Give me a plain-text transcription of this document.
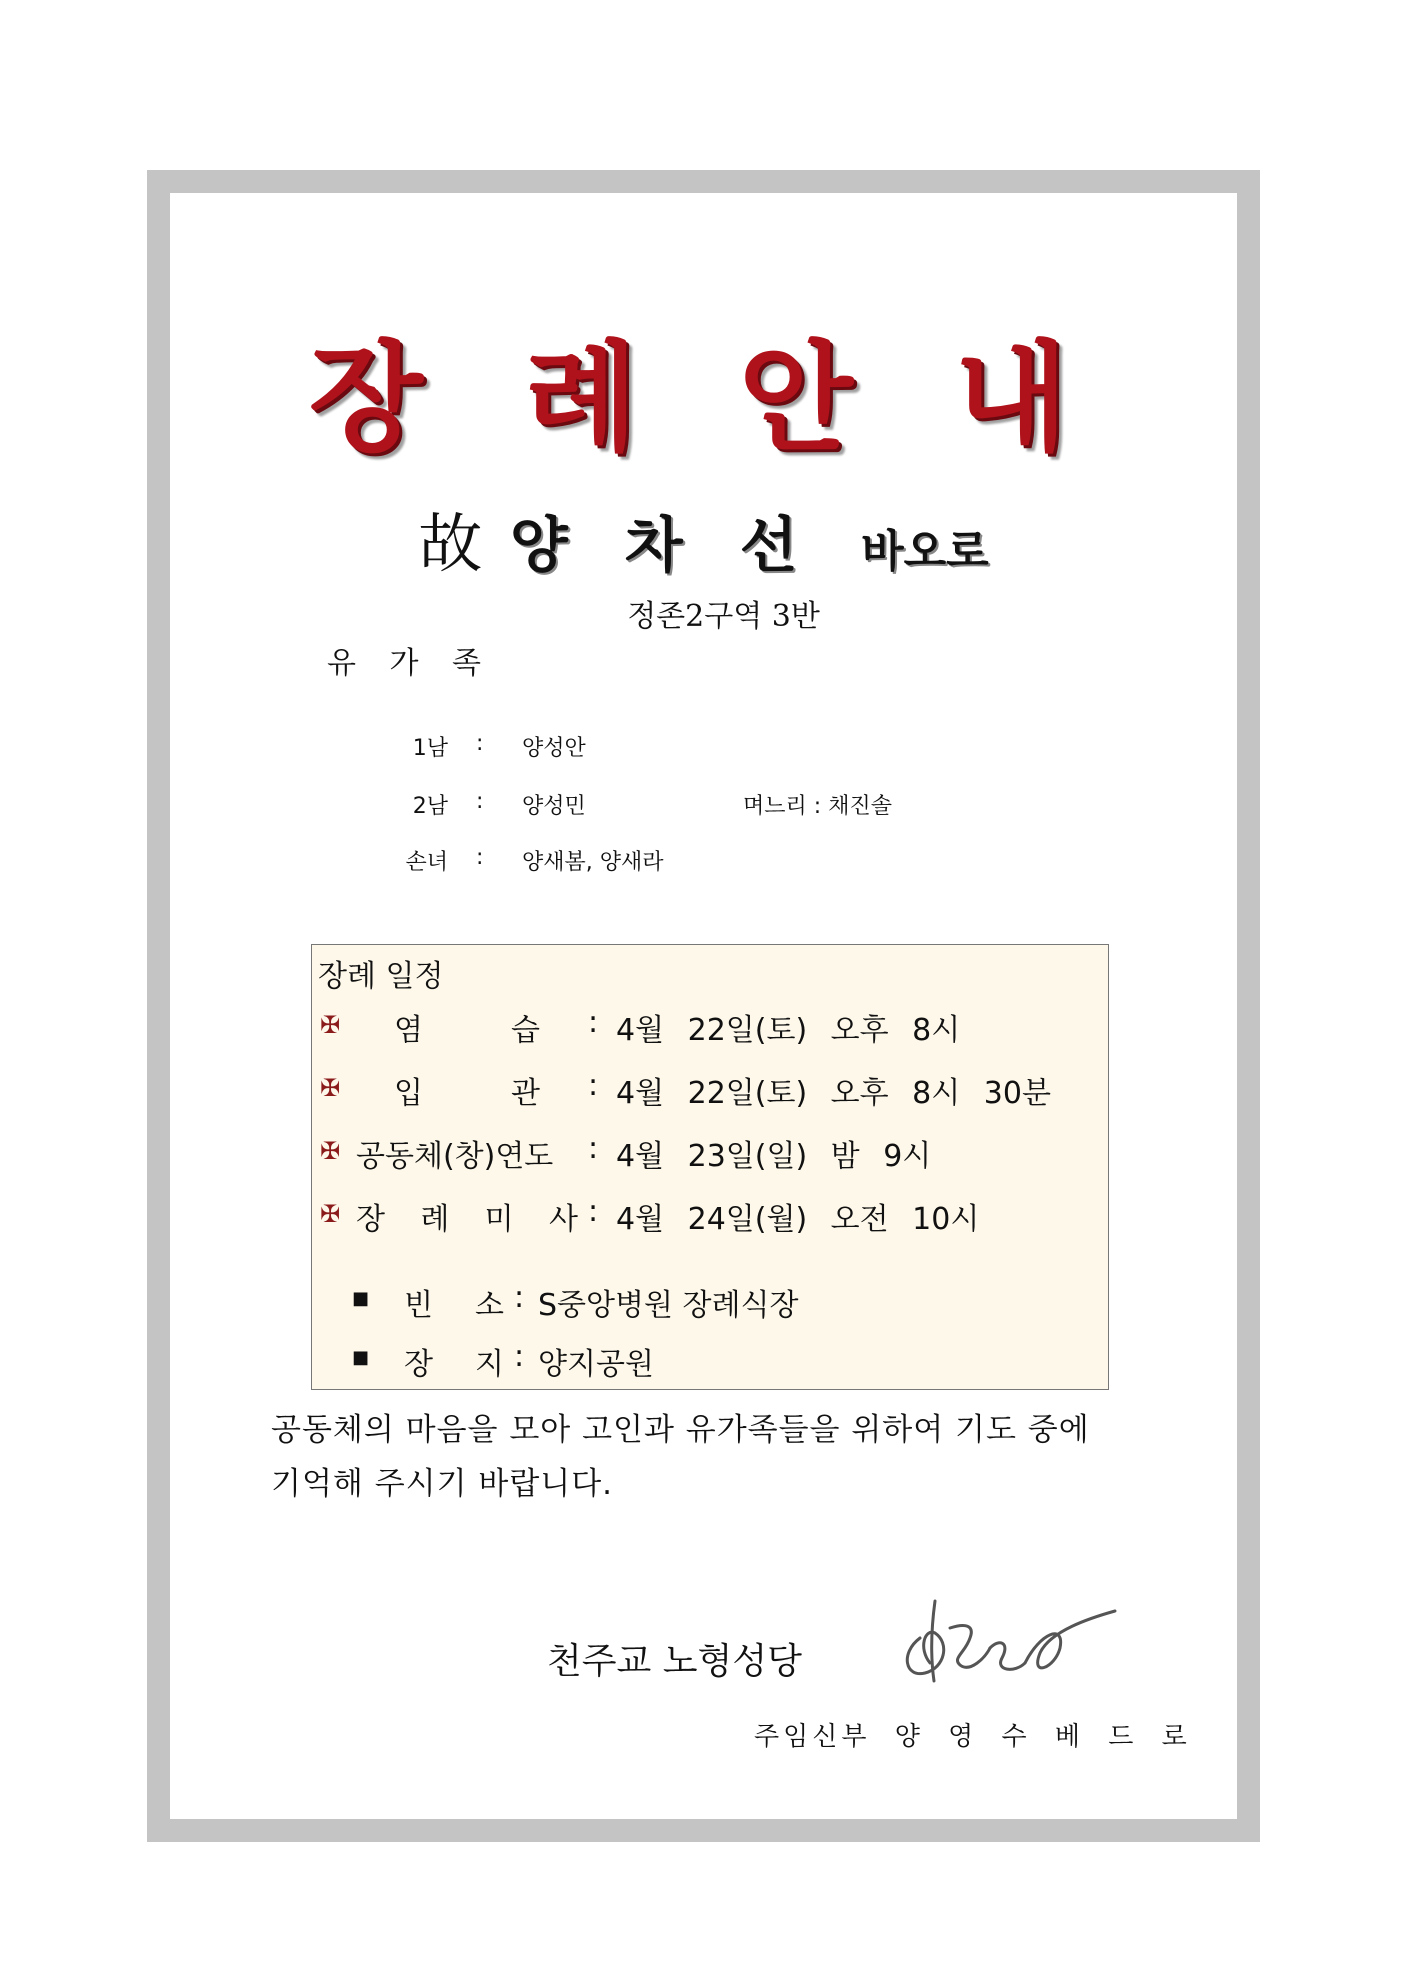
장 례 안 내
故 양 차 선 바오로
정존2구역 3반
유 가 족
1남 : 양성안
2남 : 양성민
손녀 : 양새봄, 양새라
며느리 : 채진솔
장례 일정
✠ 염	습 : 4월 22일(토) 오후 8시
✠ 입	관 : 4월 22일(토) 오후 8시 30분
✠ 공동체(창)연도 : 4월 23일(일) 밤 9시
✠ 장 례 미 사 : 4월 24일(월) 오전 10시
■ 빈 소 : S중앙병원 장례식장
■ 장 지 : 양지공원
공동체의 마음을 모아 고인과 유가족들을 위하여 기도 중에
기억해 주시기 바랍니다.
천주교 노형성당
주임신부 양 영 수 베 드 로
